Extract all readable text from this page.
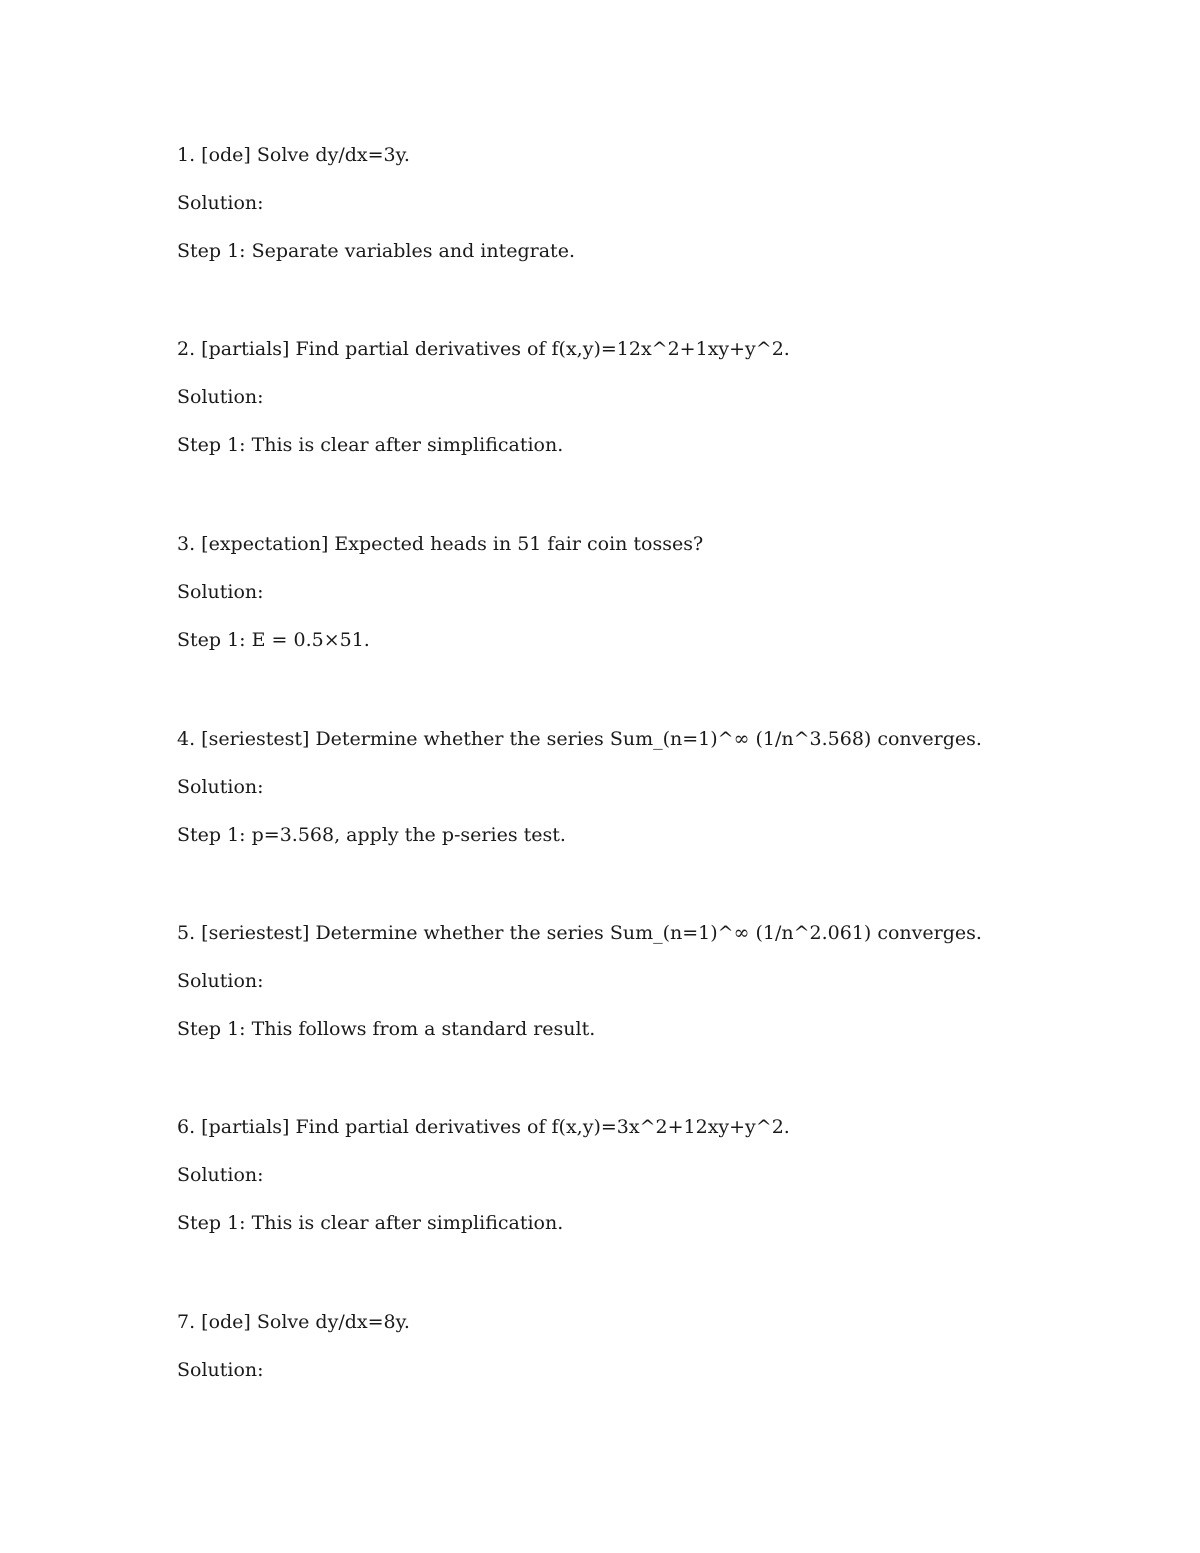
1. [ode] Solve dy/dx=3y.

Solution:

Step 1: Separate variables and integrate.

2. [partials] Find partial derivatives of f(x,y)=12x^2+1xy+y^2.

Solution:

Step 1: This is clear after simplification.

3. [expectation] Expected heads in 51 fair coin tosses?

Solution:

Step 1: E = 0.5×51.

4. [seriestest] Determine whether the series Sum_(n=1)^∞ (1/n^3.568) converges.

Solution:

Step 1: p=3.568, apply the p-series test.

5. [seriestest] Determine whether the series Sum_(n=1)^∞ (1/n^2.061) converges.

Solution:

Step 1: This follows from a standard result.

6. [partials] Find partial derivatives of f(x,y)=3x^2+12xy+y^2.

Solution:

Step 1: This is clear after simplification.

7. [ode] Solve dy/dx=8y.

Solution:
